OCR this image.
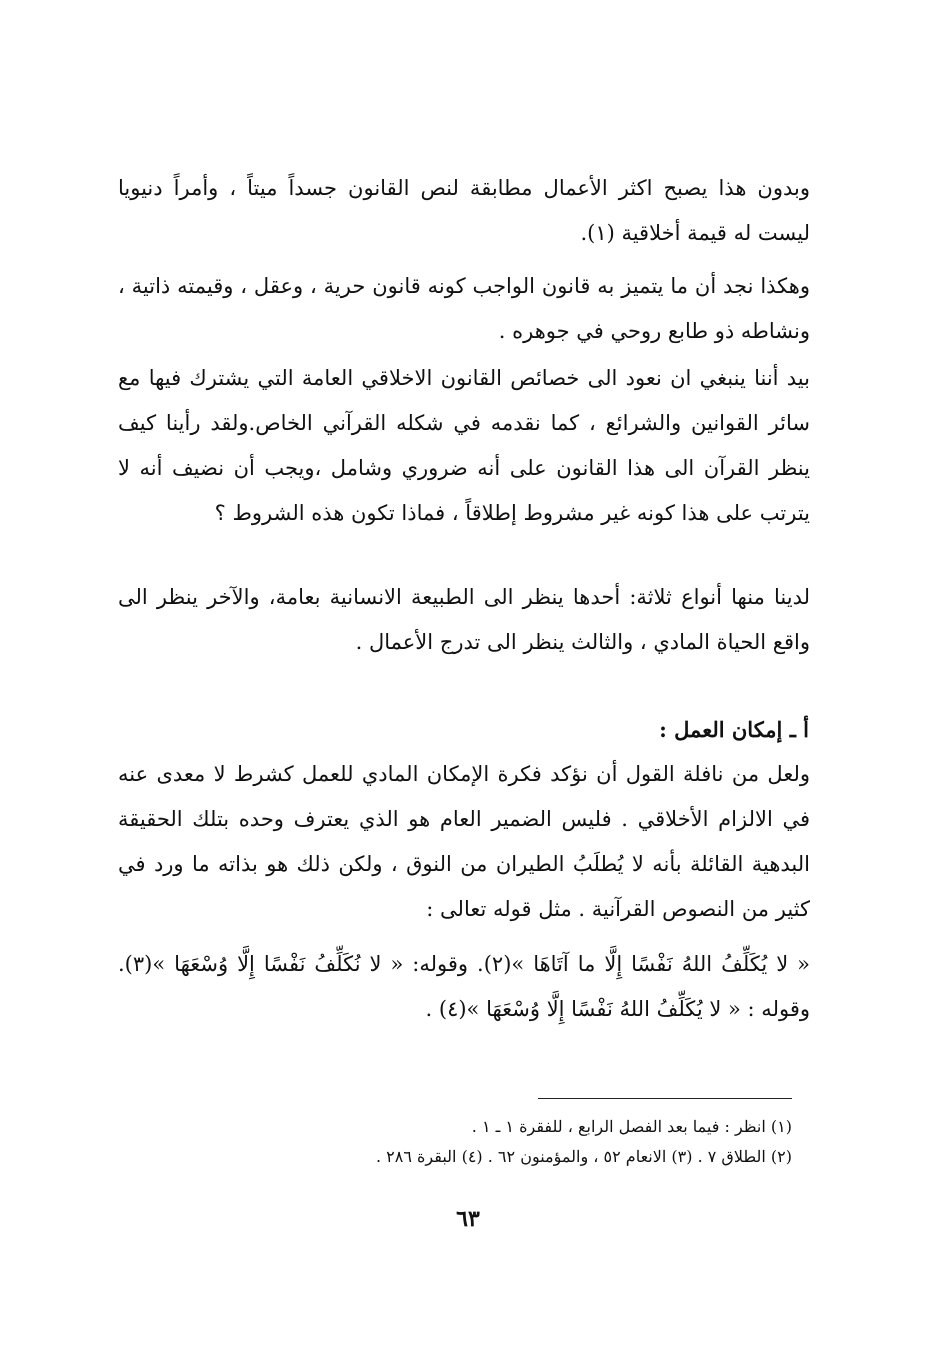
وبدون هذا يصبح اكثر الأعمال مطابقة لنص القانون جسداً ميتاً ، وأمراً دنيويا ليست له قيمة أخلاقية (١).

وهكذا نجد أن ما يتميز به قانون الواجب كونه قانون حرية ، وعقل ، وقيمته ذاتية ، ونشاطه ذو طابع روحي في جوهره .

بيد أننا ينبغي ان نعود الى خصائص القانون الاخلاقي العامة التي يشترك فيها مع سائر القوانين والشرائع ، كما نقدمه في شكله القرآني الخاص.ولقد رأينا كيف ينظر القرآن الى هذا القانون على أنه ضروري وشامل ،ويجب أن نضيف أنه لا يترتب على هذا كونه غير مشروط إطلاقاً ، فماذا تكون هذه الشروط ؟

لدينا منها أنواع ثلاثة: أحدها ينظر الى الطبيعة الانسانية بعامة، والآخر ينظر الى واقع الحياة المادي ، والثالث ينظر الى تدرج الأعمال .

أ ـ إمكان العمل :

ولعل من نافلة القول أن نؤكد فكرة الإمكان المادي للعمل كشرط لا معدى عنه في الالزام الأخلاقي . فليس الضمير العام هو الذي يعترف وحده بتلك الحقيقة البدهية القائلة بأنه لا يُطلَبُ الطيران من النوق ، ولكن ذلك هو بذاته ما ورد في كثير من النصوص القرآنية . مثل قوله تعالى :

« لا يُكَلِّفُ اللهُ نَفْسًا إِلَّا ما آتَاهَا »(٢). وقوله: « لا نُكَلِّفُ نَفْسًا إِلَّا وُسْعَهَا »(٣). وقوله : « لا يُكَلِّفُ اللهُ نَفْسًا إِلَّا وُسْعَهَا »(٤) .

(١) انظر : فيما بعد الفصل الرابع ، للفقرة ١ ـ ١ .

(٢) الطلاق ٧ . (٣) الانعام ٥٢ ، والمؤمنون ٦٢ . (٤) البقرة ٢٨٦ .

٦٣
